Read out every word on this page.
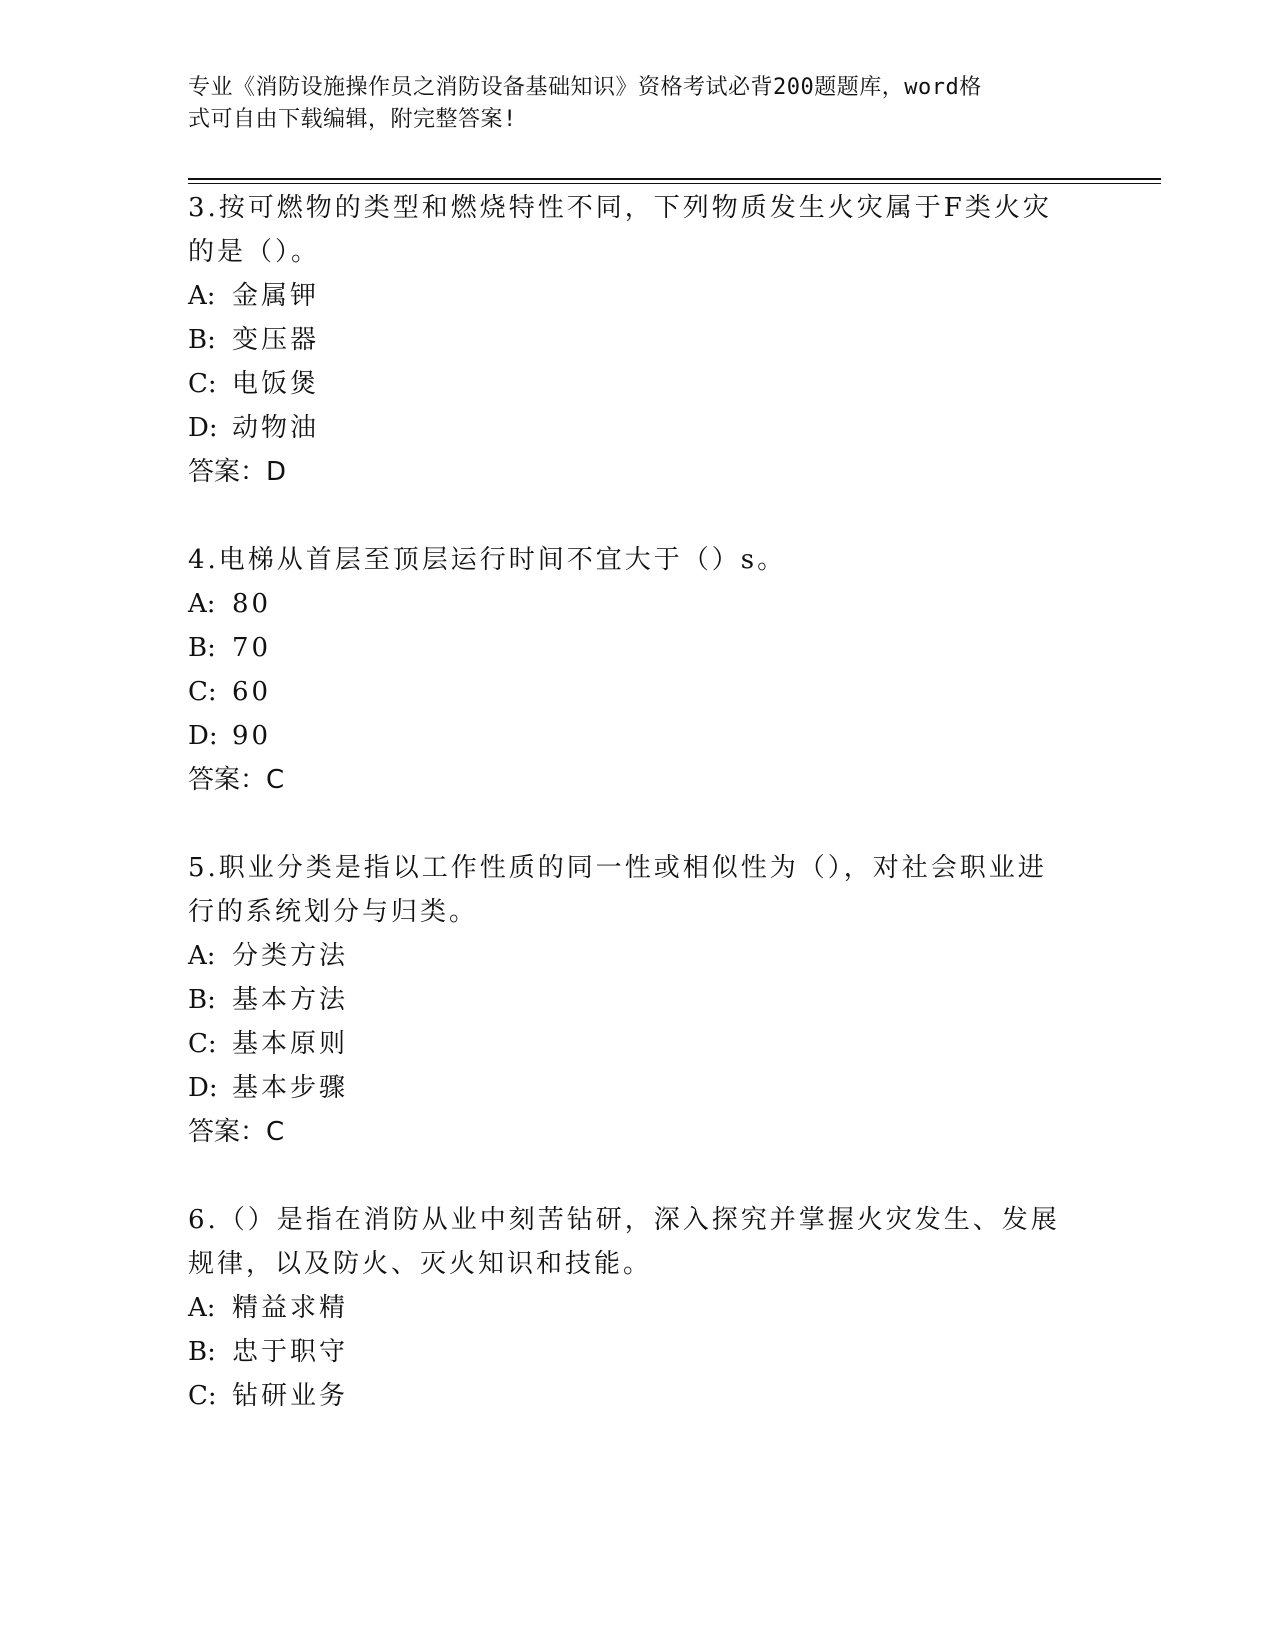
专业《消防设施操作员之消防设备基础知识》资格考试必背200题题库，word格
式可自由下载编辑，附完整答案!
3.按可燃物的类型和燃烧特性不同，下列物质发生火灾属于F类火灾
的是（）。
A: 金属钾
B: 变压器
C: 电饭煲
D: 动物油
答案：D
4.电梯从首层至顶层运行时间不宜大于（）s。
A: 80
B: 70
C: 60
D: 90
答案：C
5.职业分类是指以工作性质的同一性或相似性为（），对社会职业进
行的系统划分与归类。
A: 分类方法
B: 基本方法
C: 基本原则
D: 基本步骤
答案：C
6.（）是指在消防从业中刻苦钻研，深入探究并掌握火灾发生、发展
规律，以及防火、灭火知识和技能。
A: 精益求精
B: 忠于职守
C: 钻研业务
